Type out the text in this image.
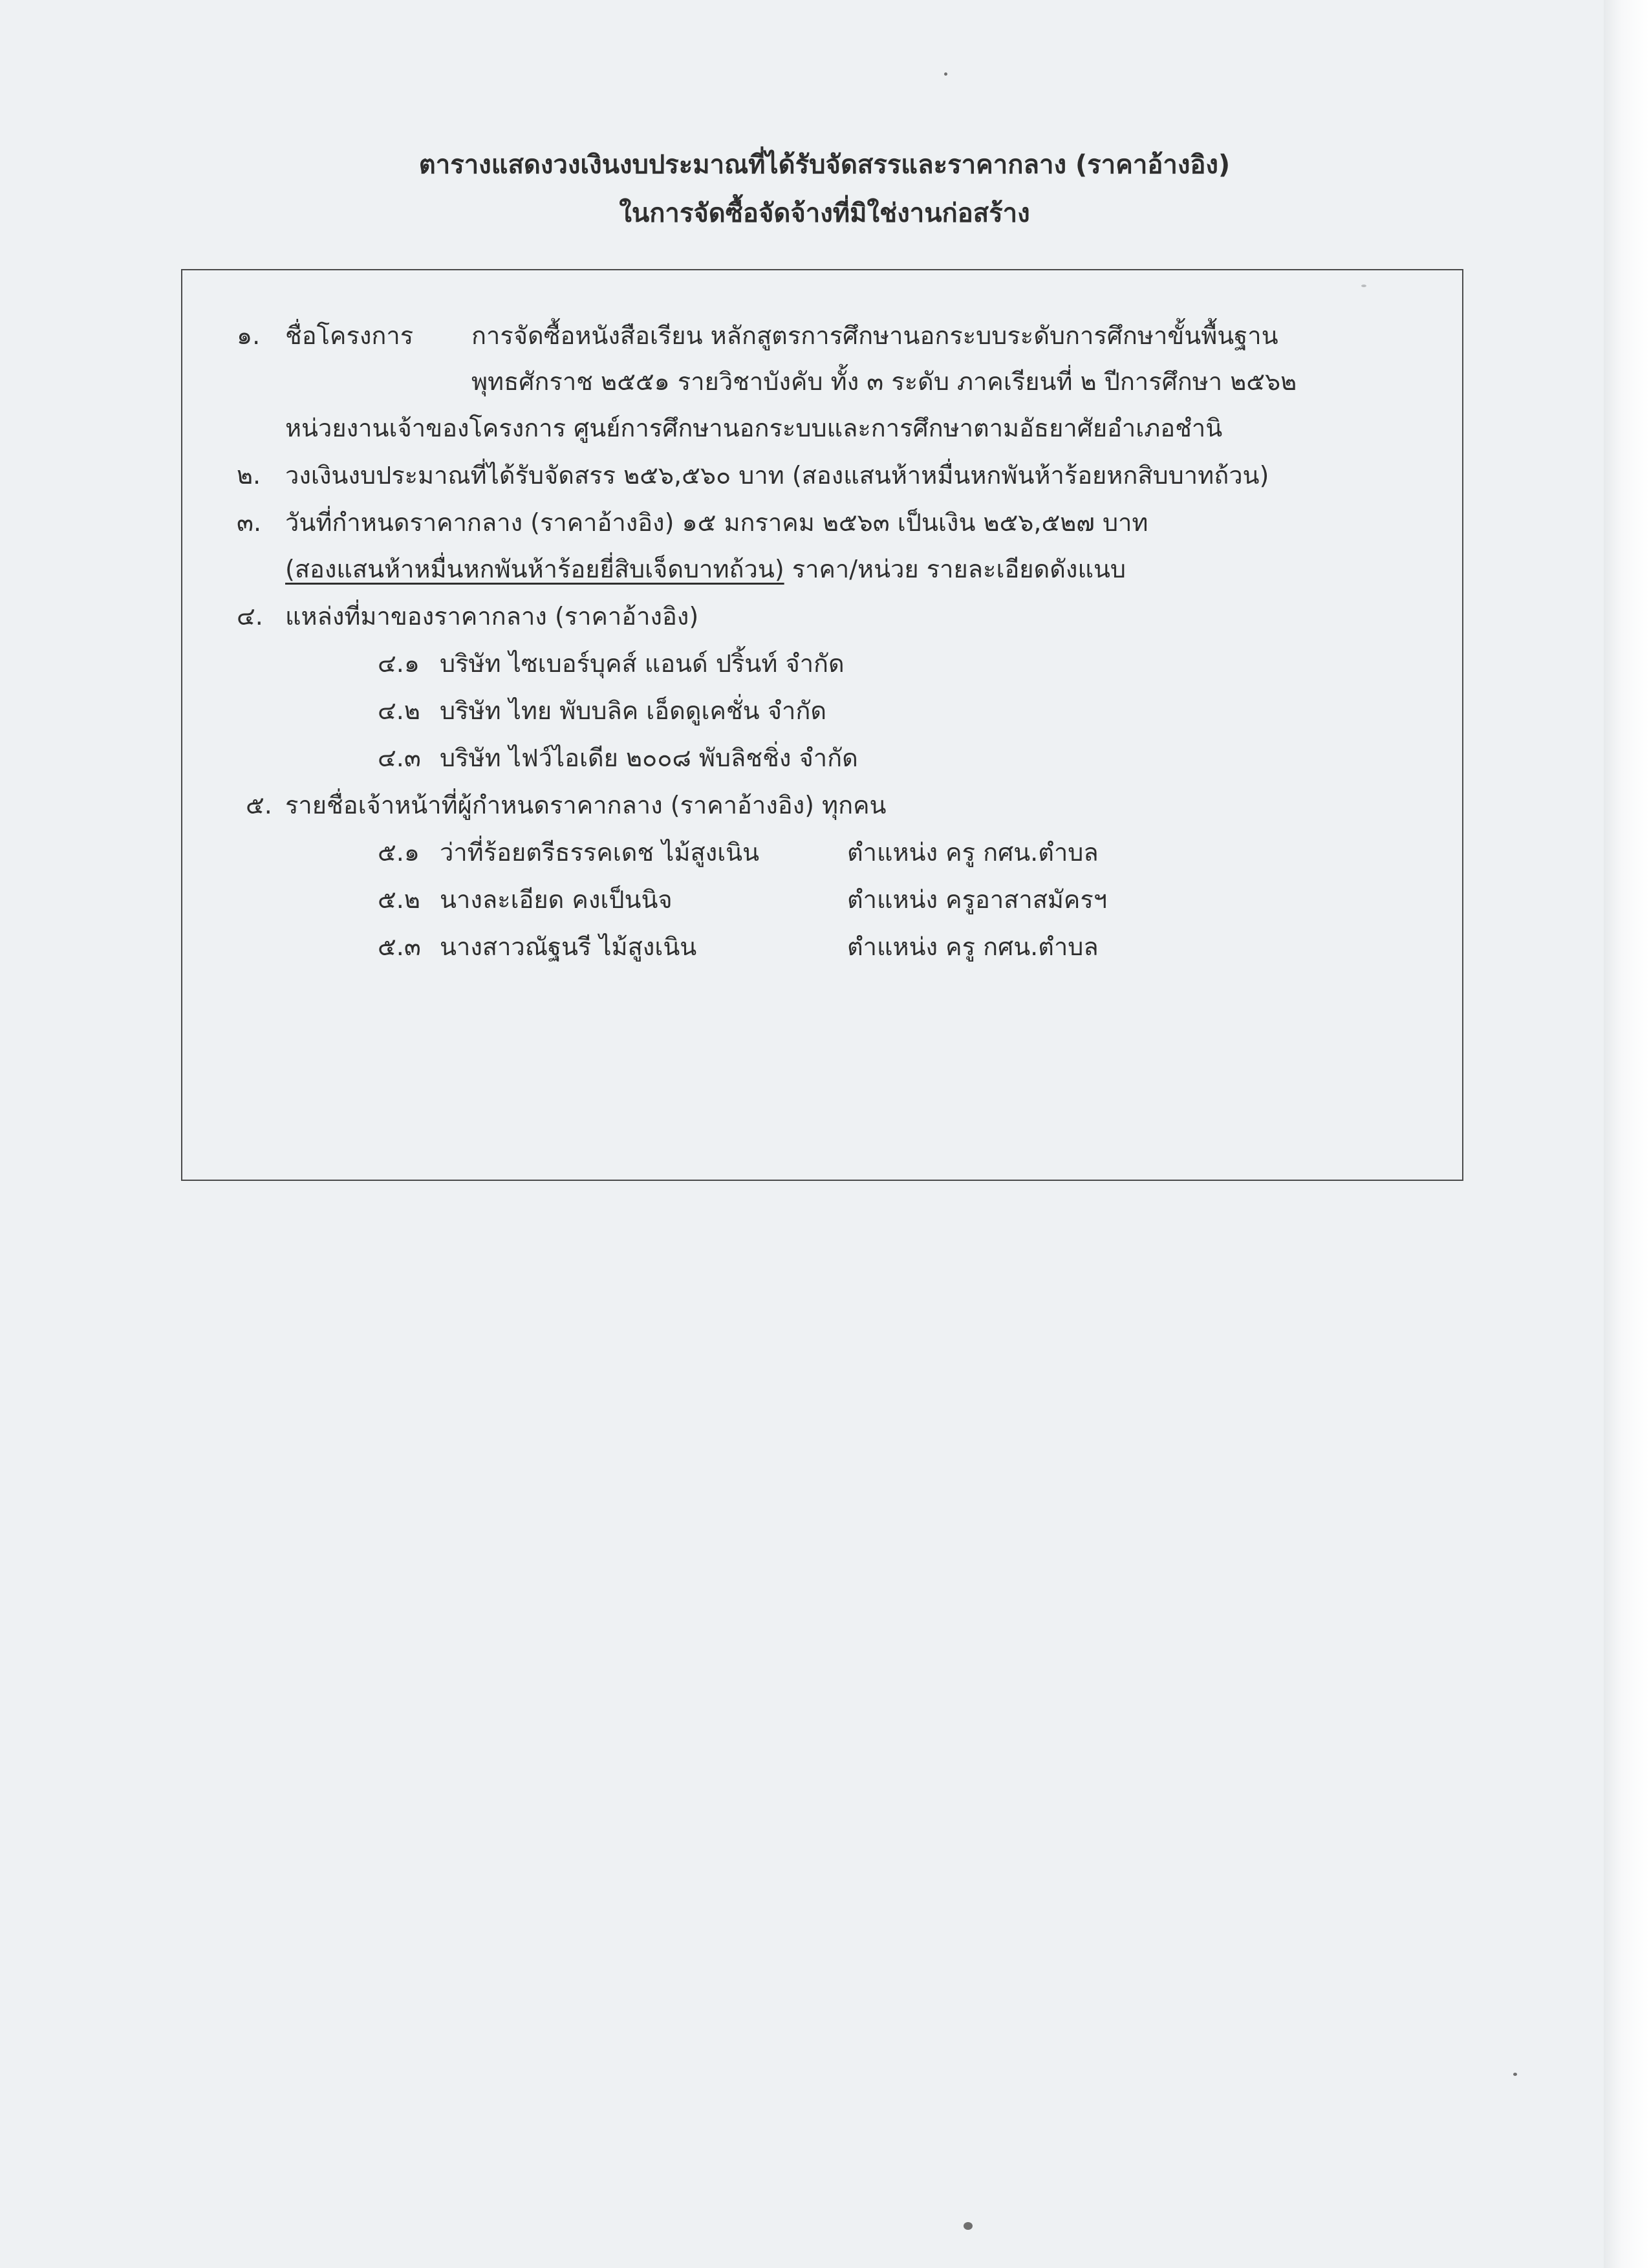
ตารางแสดงวงเงินงบประมาณที่ได้รับจัดสรรและราคากลาง (ราคาอ้างอิง)
ในการจัดซื้อจัดจ้างที่มิใช่งานก่อสร้าง
๑. ชื่อโครงการ การจัดซื้อหนังสือเรียน หลักสูตรการศึกษานอกระบบระดับการศึกษาขั้นพื้นฐาน
พุทธศักราช ๒๕๕๑ รายวิชาบังคับ ทั้ง ๓ ระดับ ภาคเรียนที่ ๒ ปีการศึกษา ๒๕๖๒
หน่วยงานเจ้าของโครงการ ศูนย์การศึกษานอกระบบและการศึกษาตามอัธยาศัยอำเภอชำนิ
๒. วงเงินงบประมาณที่ได้รับจัดสรร ๒๕๖,๕๖๐ บาท (สองแสนห้าหมื่นหกพันห้าร้อยหกสิบบาทถ้วน)
๓. วันที่กำหนดราคากลาง (ราคาอ้างอิง) ๑๕ มกราคม ๒๕๖๓ เป็นเงิน ๒๕๖,๕๒๗ บาท
(สองแสนห้าหมื่นหกพันห้าร้อยยี่สิบเจ็ดบาทถ้วน) ราคา/หน่วย รายละเอียดดังแนบ
๔. แหล่งที่มาของราคากลาง (ราคาอ้างอิง)
๔.๑ บริษัท ไซเบอร์บุคส์ แอนด์ ปริ้นท์ จำกัด
๔.๒ บริษัท ไทย พับบลิค เอ็ดดูเคชั่น จำกัด
๔.๓ บริษัท ไฟว์ไอเดีย ๒๐๐๘ พับลิชชิ่ง จำกัด
๕. รายชื่อเจ้าหน้าที่ผู้กำหนดราคากลาง (ราคาอ้างอิง) ทุกคน
๕.๑ ว่าที่ร้อยตรีธรรคเดช ไม้สูงเนิน	ตำแหน่ง ครู กศน.ตำบล
๕.๒ นางละเอียด คงเป็นนิจ	ตำแหน่ง ครูอาสาสมัครฯ
๕.๓ นางสาวณัฐนรี ไม้สูงเนิน	ตำแหน่ง ครู กศน.ตำบล
